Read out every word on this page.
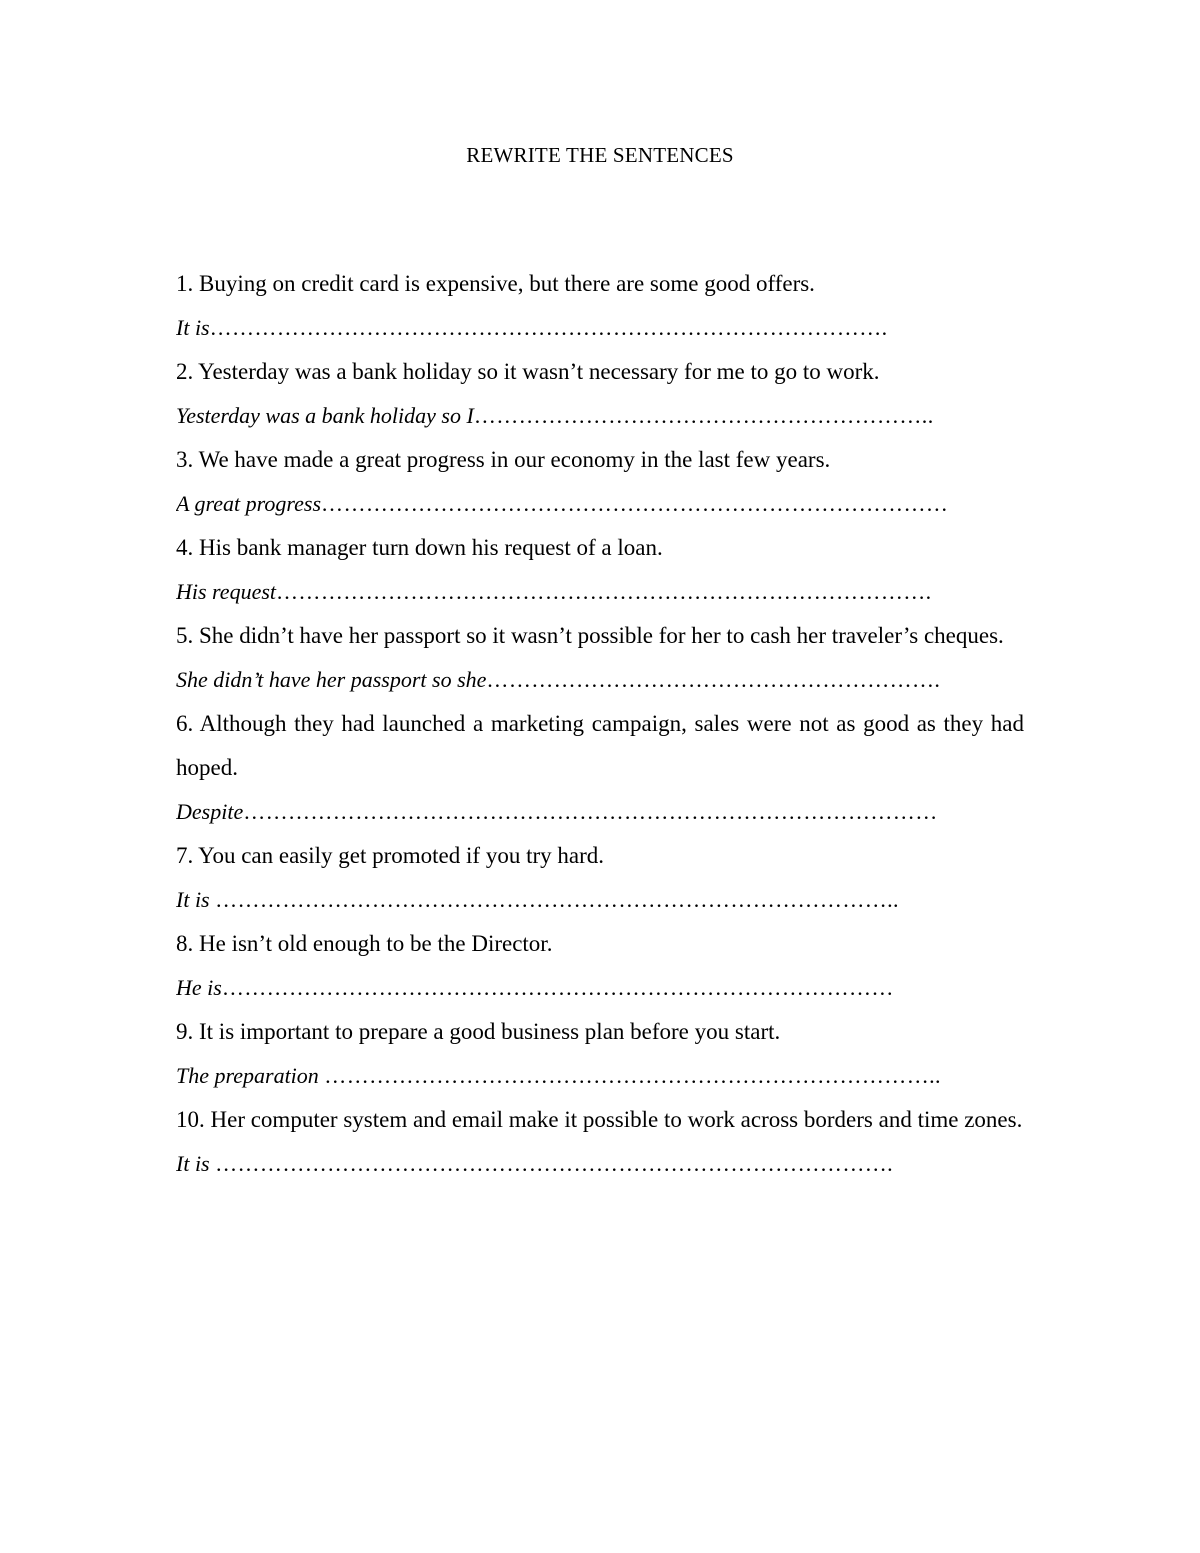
REWRITE THE SENTENCES

1. Buying on credit card is expensive, but there are some good offers.

It is……………………………………………………………………………….

2. Yesterday was a bank holiday so it wasn’t necessary for me to go to work.

Yesterday was a bank holiday so I……………………………………………………..

3. We have made a great progress in our economy in the last few years.

A great progress…………………………………………………………………………

4. His bank manager turn down his request of a loan.

His request…………………………………………………………………………….

5. She didn’t have her passport so it wasn’t possible for her to cash her traveler’s cheques.

She didn’t have her passport so she…………………………………………………….

6. Although they had launched a marketing campaign, sales were not as good as they had hoped.

Despite…………………………………………………………………………………

7. You can easily get promoted if you try hard.

It is ………………………………………………………………………………..

8. He isn’t old enough to be the Director.

He is………………………………………………………………………………

9. It is important to prepare a good business plan before you start.

The preparation ………………………………………………………………………..

10. Her computer system and email make it possible to work across borders and time zones.

It is ……………………………………………………………………………….
